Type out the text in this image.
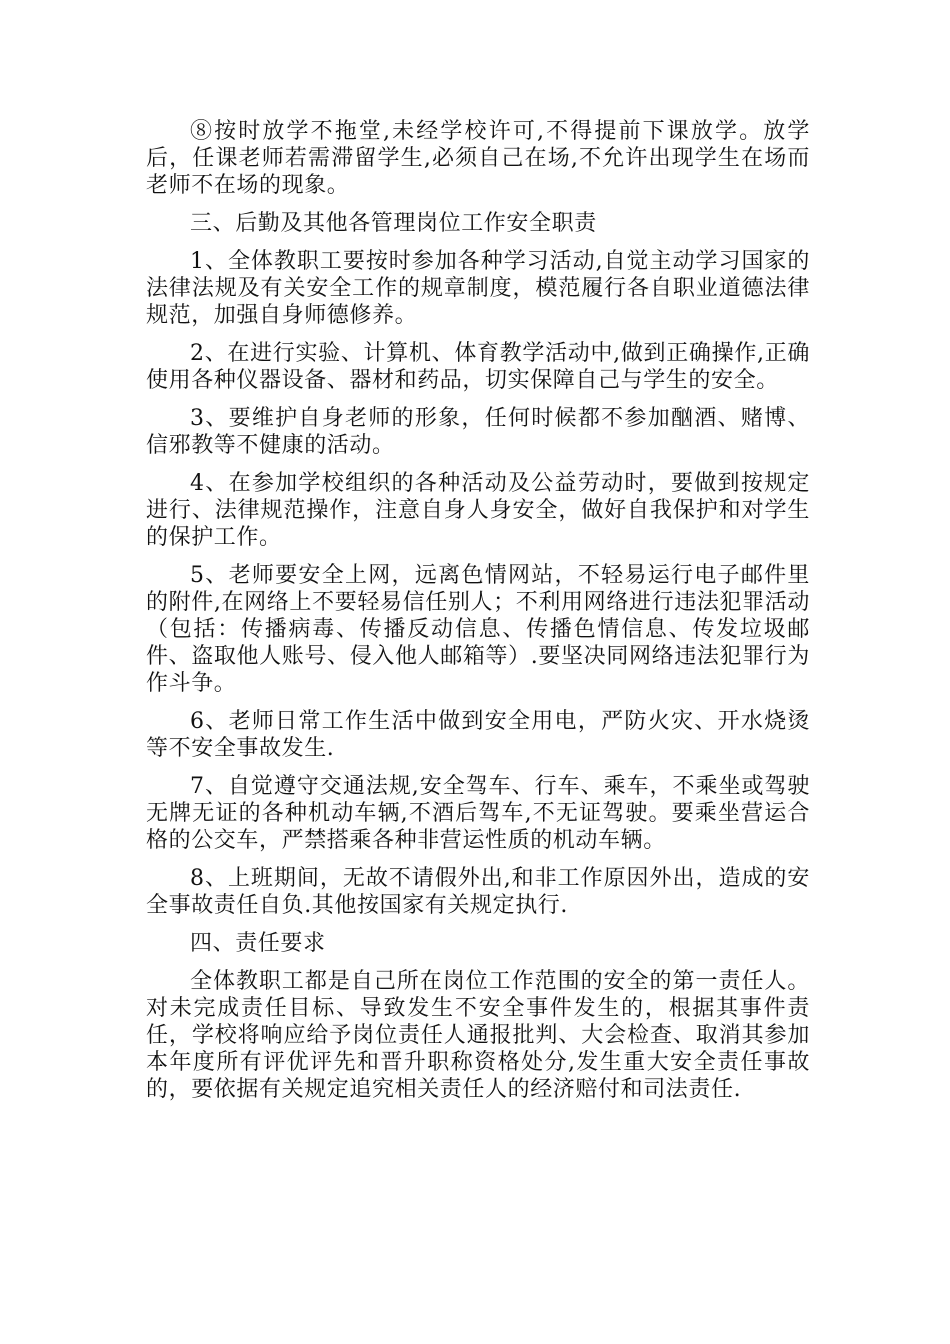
⑧按时放学不拖堂,未经学校许可,不得提前下课放学。放学后，任课老师若需滞留学生,必须自己在场,不允许出现学生在场而老师不在场的现象。

三、后勤及其他各管理岗位工作安全职责

1、全体教职工要按时参加各种学习活动,自觉主动学习国家的法律法规及有关安全工作的规章制度，模范履行各自职业道德法律规范，加强自身师德修养。

2、在进行实验、计算机、体育教学活动中,做到正确操作,正确使用各种仪器设备、器材和药品，切实保障自己与学生的安全。

3、要维护自身老师的形象，任何时候都不参加酗酒、赌博、信邪教等不健康的活动。

4、在参加学校组织的各种活动及公益劳动时，要做到按规定进行、法律规范操作，注意自身人身安全，做好自我保护和对学生的保护工作。

5、老师要安全上网，远离色情网站，不轻易运行电子邮件里的附件,在网络上不要轻易信任别人；不利用网络进行违法犯罪活动（包括：传播病毒、传播反动信息、传播色情信息、传发垃圾邮件、盗取他人账号、侵入他人邮箱等）.要坚决同网络违法犯罪行为作斗争。

6、老师日常工作生活中做到安全用电，严防火灾、开水烧烫等不安全事故发生.

7、自觉遵守交通法规,安全驾车、行车、乘车，不乘坐或驾驶无牌无证的各种机动车辆,不酒后驾车,不无证驾驶。要乘坐营运合格的公交车，严禁搭乘各种非营运性质的机动车辆。

8、上班期间，无故不请假外出,和非工作原因外出，造成的安全事故责任自负.其他按国家有关规定执行.

四、责任要求

全体教职工都是自己所在岗位工作范围的安全的第一责任人。对未完成责任目标、导致发生不安全事件发生的，根据其事件责任，学校将响应给予岗位责任人通报批判、大会检查、取消其参加本年度所有评优评先和晋升职称资格处分,发生重大安全责任事故的，要依据有关规定追究相关责任人的经济赔付和司法责任.
